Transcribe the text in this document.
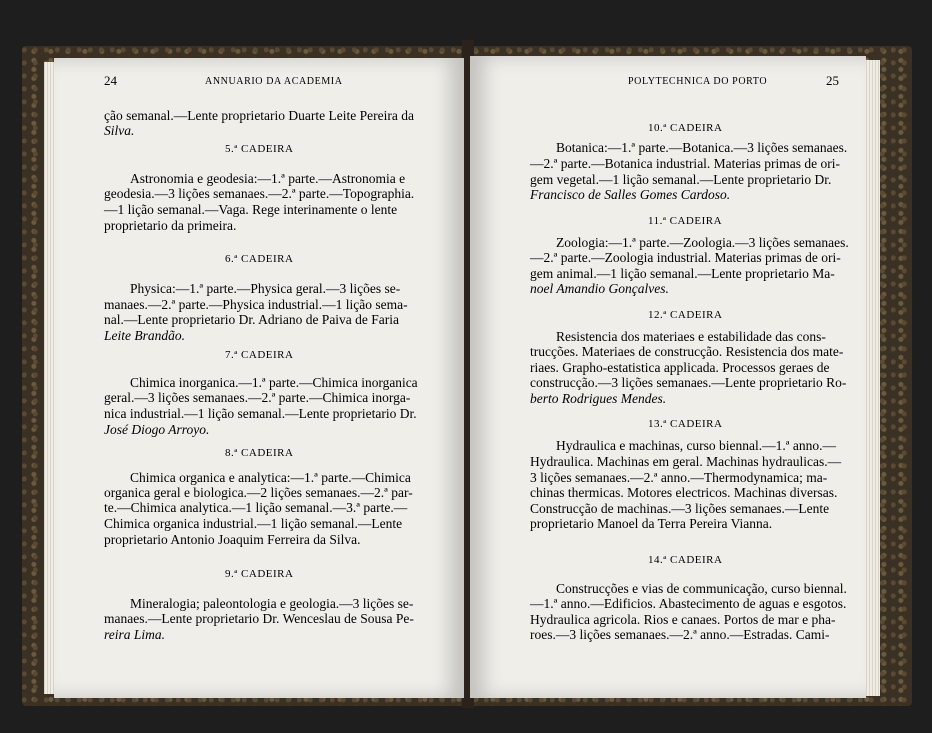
24	ANNUARIO DA ACADEMIA
ção semanal.—Lente proprietario Duarte Leite Pereira da
Silva.
5.ª CADEIRA
Astronomia e geodesia:—1.ª parte.—Astronomia e
geodesia.—3 lições semanaes.—2.ª parte.—Topographia.
—1 lição semanal.—Vaga. Rege interinamente o lente
proprietario da primeira.
6.ª CADEIRA
Physica:—1.ª parte.—Physica geral.—3 lições se-
manaes.—2.ª parte.—Physica industrial.—1 lição sema-
nal.—Lente proprietario Dr. Adriano de Paiva de Faria
Leite Brandão.
7.ª CADEIRA
Chimica inorganica.—1.ª parte.—Chimica inorganica
geral.—3 lições semanaes.—2.ª parte.—Chimica inorga-
nica industrial.—1 lição semanal.—Lente proprietario Dr.
José Diogo Arroyo.
8.ª CADEIRA
Chimica organica e analytica:—1.ª parte.—Chimica
organica geral e biologica.—2 lições semanaes.—2.ª par-
te.—Chimica analytica.—1 lição semanal.—3.ª parte.—
Chimica organica industrial.—1 lição semanal.—Lente
proprietario Antonio Joaquim Ferreira da Silva.
9.ª CADEIRA
Mineralogia; paleontologia e geologia.—3 lições se-
manaes.—Lente proprietario Dr. Wenceslau de Sousa Pe-
reira Lima.
POLYTECHNICA DO PORTO	25
10.ª CADEIRA
Botanica:—1.ª parte.—Botanica.—3 lições semanaes.
—2.ª parte.—Botanica industrial. Materias primas de ori-
gem vegetal.—1 lição semanal.—Lente proprietario Dr.
Francisco de Salles Gomes Cardoso.
11.ª CADEIRA
Zoologia:—1.ª parte.—Zoologia.—3 lições semanaes.
—2.ª parte.—Zoologia industrial. Materias primas de ori-
gem animal.—1 lição semanal.—Lente proprietario Ma-
noel Amandio Gonçalves.
12.ª CADEIRA
Resistencia dos materiaes e estabilidade das cons-
trucções. Materiaes de construcção. Resistencia dos mate-
riaes. Grapho-estatistica applicada. Processos geraes de
construcção.—3 lições semanaes.—Lente proprietario Ro-
berto Rodrigues Mendes.
13.ª CADEIRA
Hydraulica e machinas, curso biennal.—1.ª anno.—
Hydraulica. Machinas em geral. Machinas hydraulicas.—
3 lições semanaes.—2.ª anno.—Thermodynamica; ma-
chinas thermicas. Motores electricos. Machinas diversas.
Construcção de machinas.—3 lições semanaes.—Lente
proprietario Manoel da Terra Pereira Vianna.
14.ª CADEIRA
Construcções e vias de communicação, curso biennal.
—1.ª anno.—Edificios. Abastecimento de aguas e esgotos.
Hydraulica agricola. Rios e canaes. Portos de mar e pha-
roes.—3 lições semanaes.—2.ª anno.—Estradas. Cami-
